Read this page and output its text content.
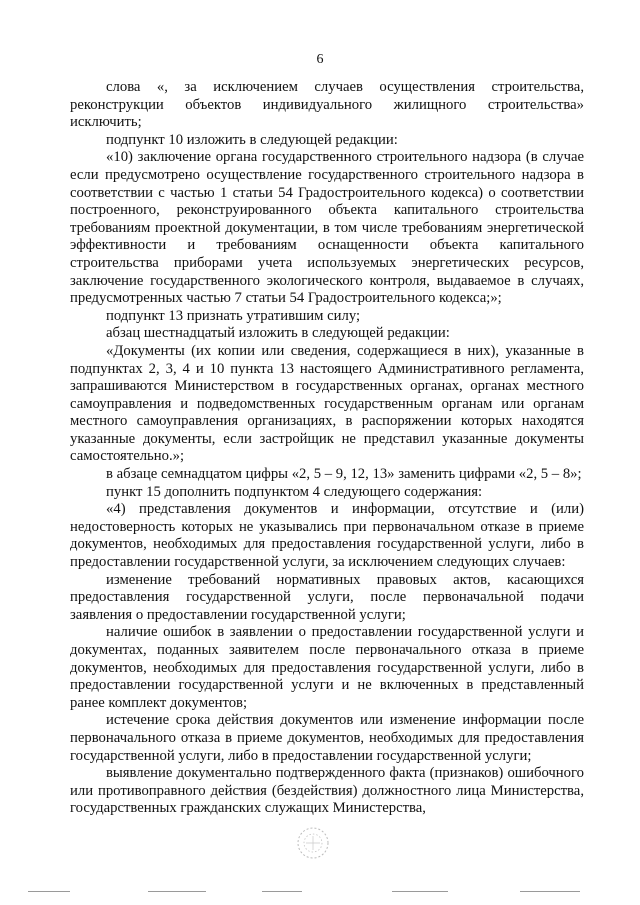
6

слова «, за исключением случаев осуществления строительства, реконструкции объектов индивидуального жилищного строительства» исключить;

подпункт 10 изложить в следующей редакции:

«10) заключение органа государственного строительного надзора (в случае если предусмотрено осуществление государственного строительного надзора в соответствии с частью 1 статьи 54 Градостроительного кодекса) о соответствии построенного, реконструированного объекта капитального строительства требованиям проектной документации, в том числе требованиям энергетической эффективности и требованиям оснащенности объекта капитального строительства приборами учета используемых энергетических ресурсов, заключение государственного экологического контроля, выдаваемое в случаях, предусмотренных частью 7 статьи 54 Градостроительного кодекса;»;

подпункт 13 признать утратившим силу;

абзац шестнадцатый изложить в следующей редакции:

«Документы (их копии или сведения, содержащиеся в них), указанные в подпунктах 2, 3, 4 и 10 пункта 13 настоящего Административного регламента, запрашиваются Министерством в государственных органах, органах местного самоуправления и подведомственных государственным органам или органам местного самоуправления организациях, в распоряжении которых находятся указанные документы, если застройщик не представил указанные документы самостоятельно.»;

в абзаце семнадцатом цифры «2, 5 – 9, 12, 13» заменить цифрами «2, 5 – 8»;

пункт 15 дополнить подпунктом 4 следующего содержания:

«4) представления документов и информации, отсутствие и (или) недостоверность которых не указывались при первоначальном отказе в приеме документов, необходимых для предоставления государственной услуги, либо в предоставлении государственной услуги, за исключением следующих случаев:

изменение требований нормативных правовых актов, касающихся предоставления государственной услуги, после первоначальной подачи заявления о предоставлении государственной услуги;

наличие ошибок в заявлении о предоставлении государственной услуги и документах, поданных заявителем после первоначального отказа в приеме документов, необходимых для предоставления государственной услуги, либо в предоставлении государственной услуги и не включенных в представленный ранее комплект документов;

истечение срока действия документов или изменение информации после первоначального отказа в приеме документов, необходимых для предоставления государственной услуги, либо в предоставлении государственной услуги;

выявление документально подтвержденного факта (признаков) ошибочного или противоправного действия (бездействия) должностного лица Министерства, государственных гражданских служащих Министерства,
